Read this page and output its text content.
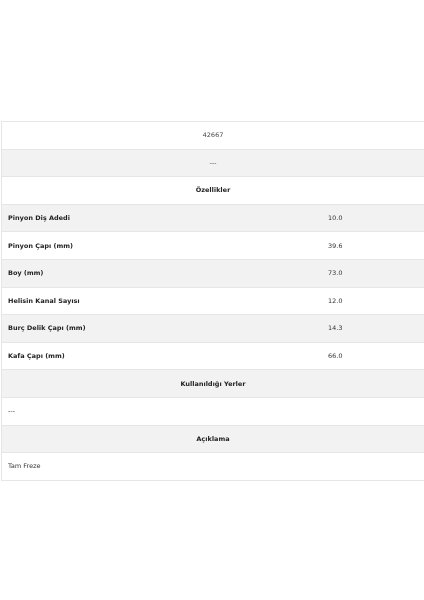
42667
---
Özellikler
Pinyon Diş Adedi	10.0
Pinyon Çapı (mm)	39.6
Boy (mm)	73.0
Helisin Kanal Sayısı	12.0
Burç Delik Çapı (mm)	14.3
Kafa Çapı (mm)	66.0
Kullanıldığı Yerler
---
Açıklama
Tam Freze
